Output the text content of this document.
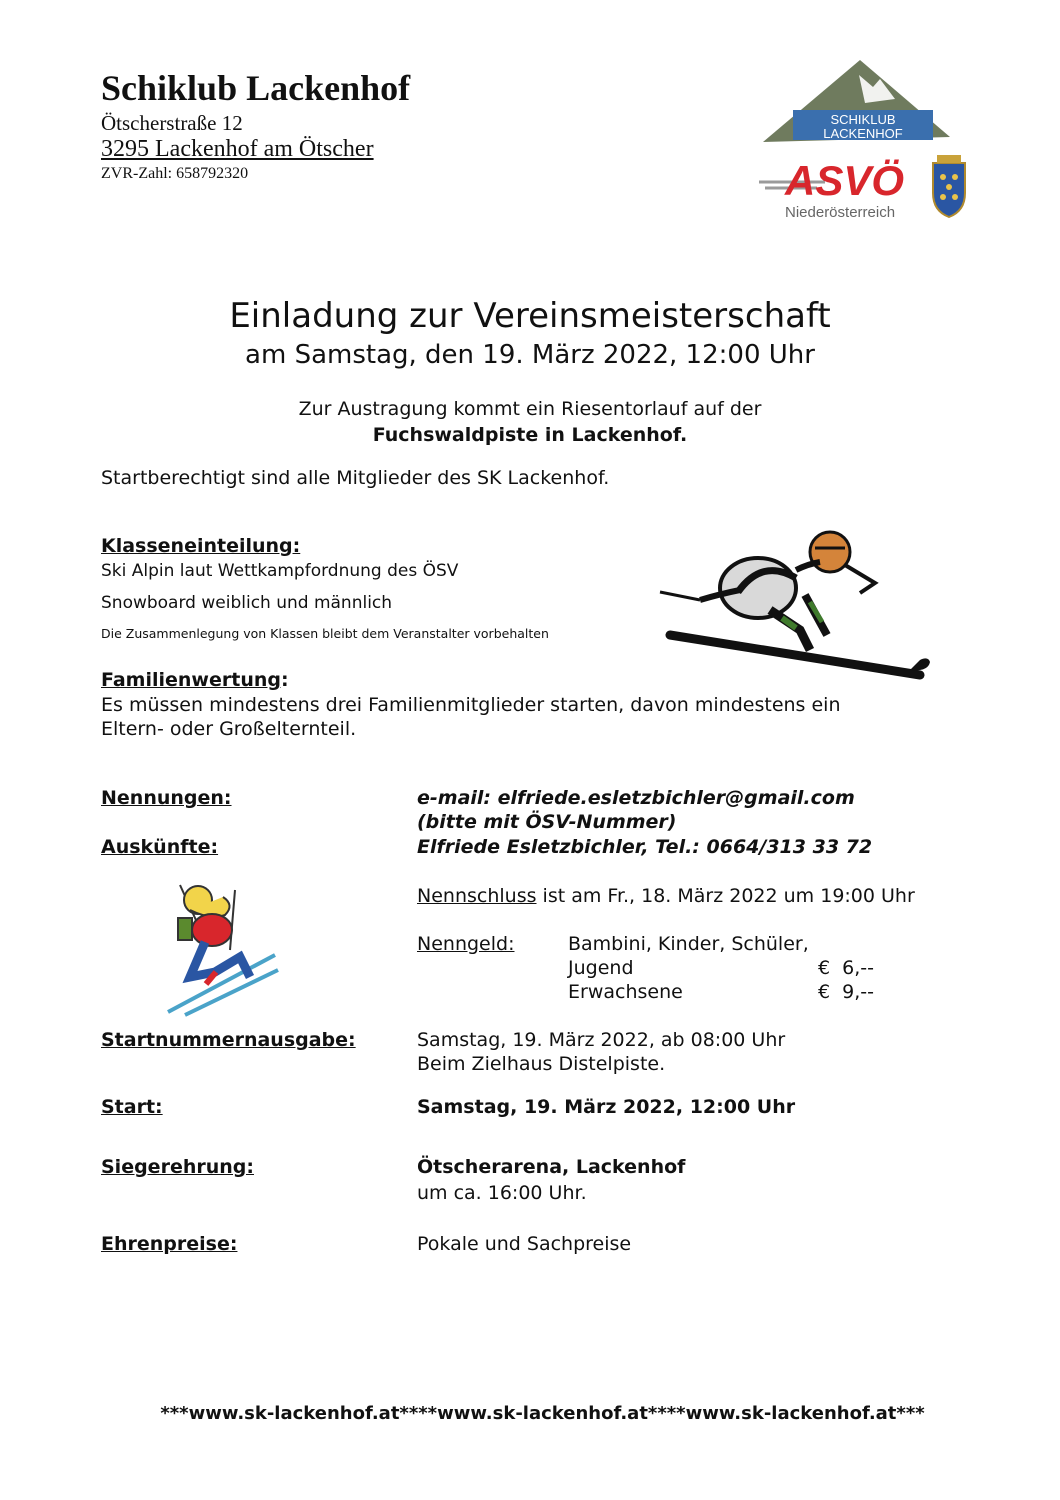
Schiklub Lackenhof
Ötscherstraße 12
3295 Lackenhof am Ötscher
ZVR-Zahl: 658792320
SCHIKLUB
LACKENHOF
ASVÖ
Niederösterreich
Einladung zur Vereinsmeisterschaft
am Samstag, den 19. März 2022, 12:00 Uhr
Zur Austragung kommt ein Riesentorlauf auf der
Fuchswaldpiste in Lackenhof.
Startberechtigt sind alle Mitglieder des SK Lackenhof.
Klasseneinteilung:
Ski Alpin laut Wettkampfordnung des ÖSV
Snowboard weiblich und männlich
Die Zusammenlegung von Klassen bleibt dem Veranstalter vorbehalten
Familienwertung:
Es müssen mindestens drei Familienmitglieder starten, davon mindestens ein
Eltern- oder Großelternteil.
Nennungen:	e-mail: elfriede.esletzbichler@gmail.com
(bitte mit ÖSV-Nummer)
Auskünfte:	Elfriede Esletzbichler, Tel.: 0664/313 33 72
Nennschluss ist am Fr., 18. März 2022 um 19:00 Uhr
Nenngeld:	Bambini, Kinder, Schüler,
Jugend	€  6,--
Erwachsene	€  9,--
Startnummernausgabe:	Samstag, 19. März 2022, ab 08:00 Uhr
Beim Zielhaus Distelpiste.
Start:	Samstag, 19. März 2022, 12:00 Uhr
Siegerehrung:	Ötscherarena, Lackenhof
um ca. 16:00 Uhr.
Ehrenpreise:	Pokale und Sachpreise
***www.sk-lackenhof.at****www.sk-lackenhof.at****www.sk-lackenhof.at***
